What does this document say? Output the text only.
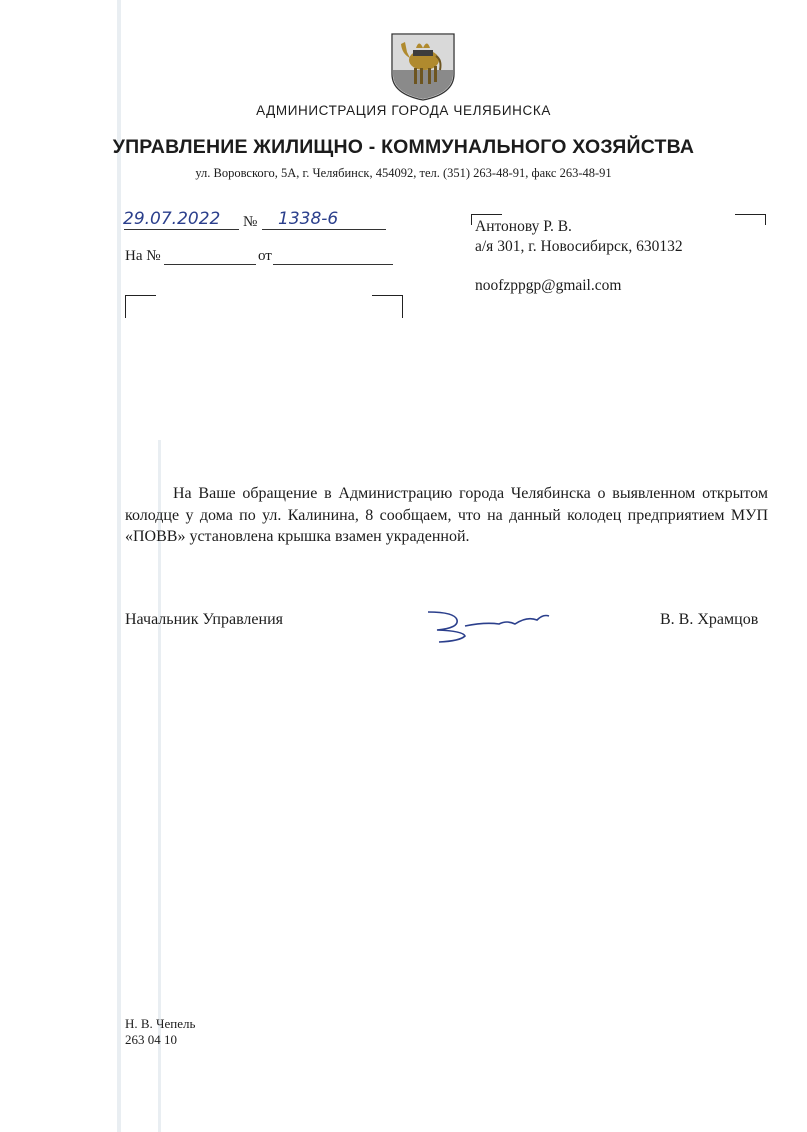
АДМИНИСТРАЦИЯ ГОРОДА ЧЕЛЯБИНСКА
УПРАВЛЕНИЕ ЖИЛИЩНО - КОММУНАЛЬНОГО ХОЗЯЙСТВА
ул. Воровского, 5А, г. Челябинск, 454092, тел. (351) 263-48-91, факс 263-48-91
29.07.2022 № 1338-6
На №	от
Антонову Р. В.
а/я 301, г. Новосибирск, 630132
noofzppgp@gmail.com
На Ваше обращение в Администрацию города Челябинска о выявленном открытом колодце у дома по ул. Калинина, 8 сообщаем, что на данный колодец предприятием МУП «ПОВВ» установлена крышка взамен украденной.
Начальник Управления	В. В. Храмцов
Н. В. Чепель
263 04 10
